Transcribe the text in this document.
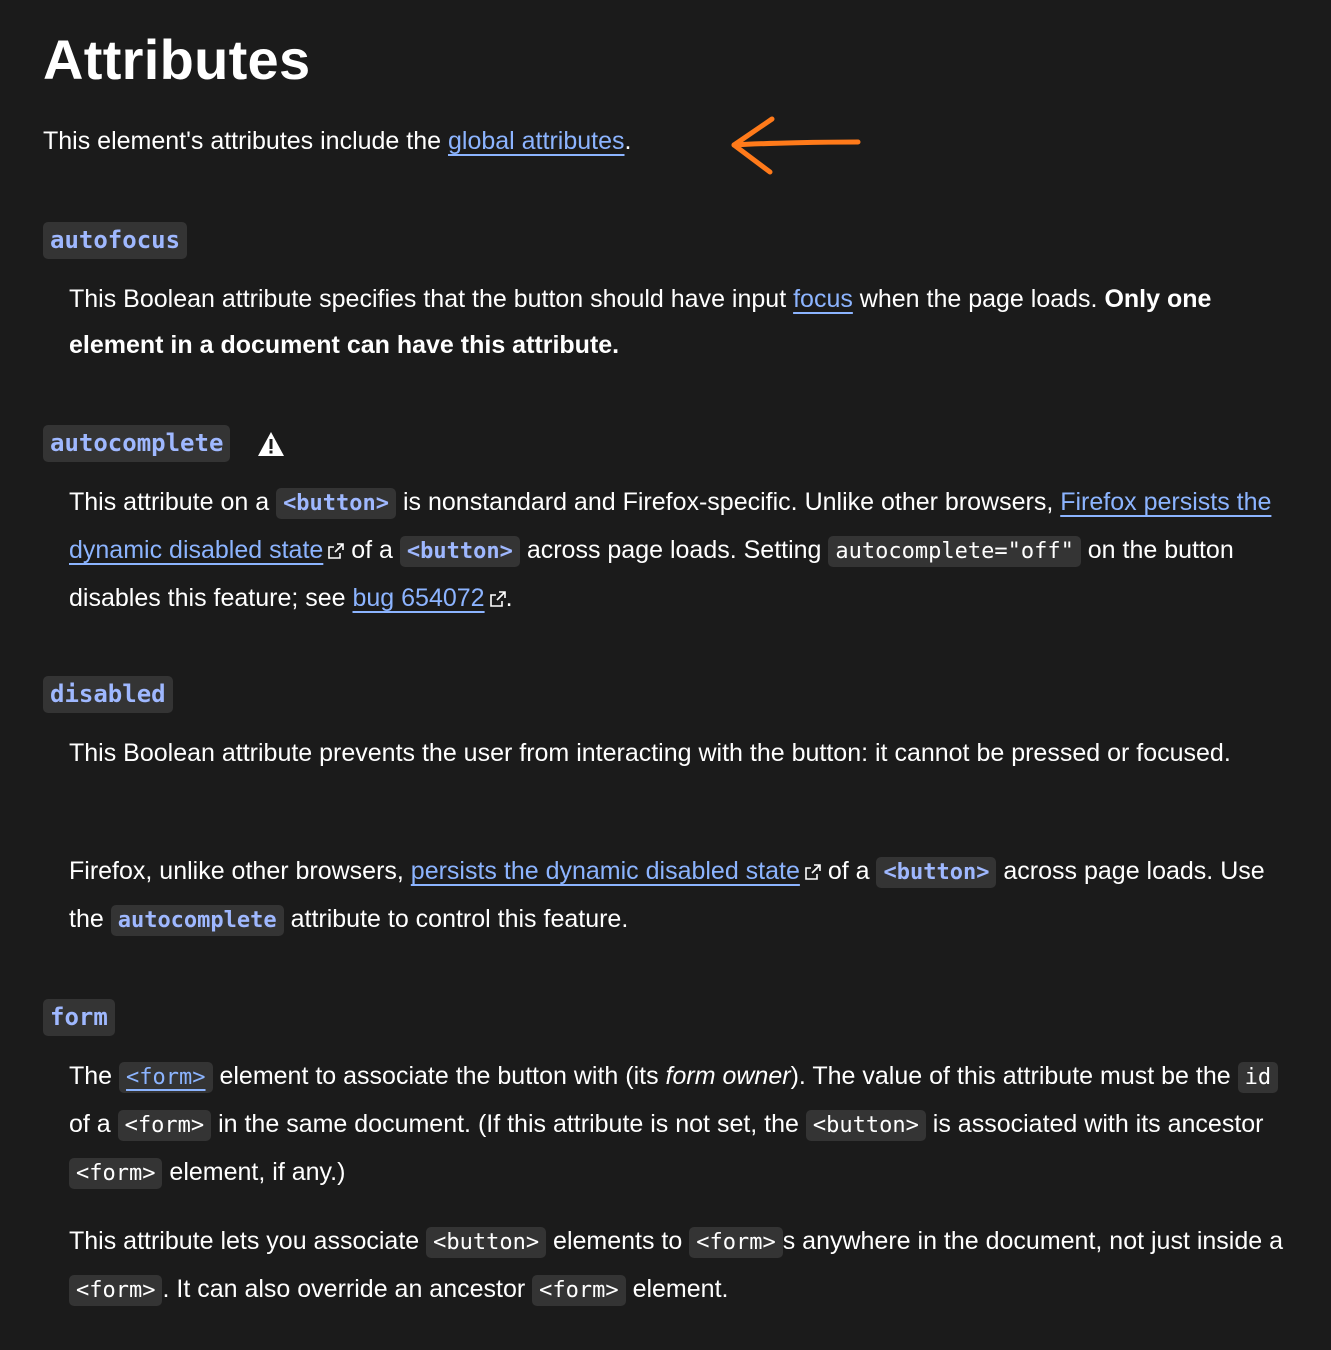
Attributes

This element's attributes include the global attributes.

autofocus

This Boolean attribute specifies that the button should have input focus when the page loads. Only one element in a document can have this attribute.

autocomplete

This attribute on a <button> is nonstandard and Firefox-specific. Unlike other browsers, Firefox persists the dynamic disabled state of a <button> across page loads. Setting autocomplete="off" on the button disables this feature; see bug 654072 .

disabled

This Boolean attribute prevents the user from interacting with the button: it cannot be pressed or focused.

Firefox, unlike other browsers, persists the dynamic disabled state of a <button> across page loads. Use the autocomplete attribute to control this feature.

form

The <form> element to associate the button with (its form owner). The value of this attribute must be the id of a <form> in the same document. (If this attribute is not set, the <button> is associated with its ancestor <form> element, if any.)

This attribute lets you associate <button> elements to <form> s anywhere in the document, not just inside a <form> . It can also override an ancestor <form> element.
